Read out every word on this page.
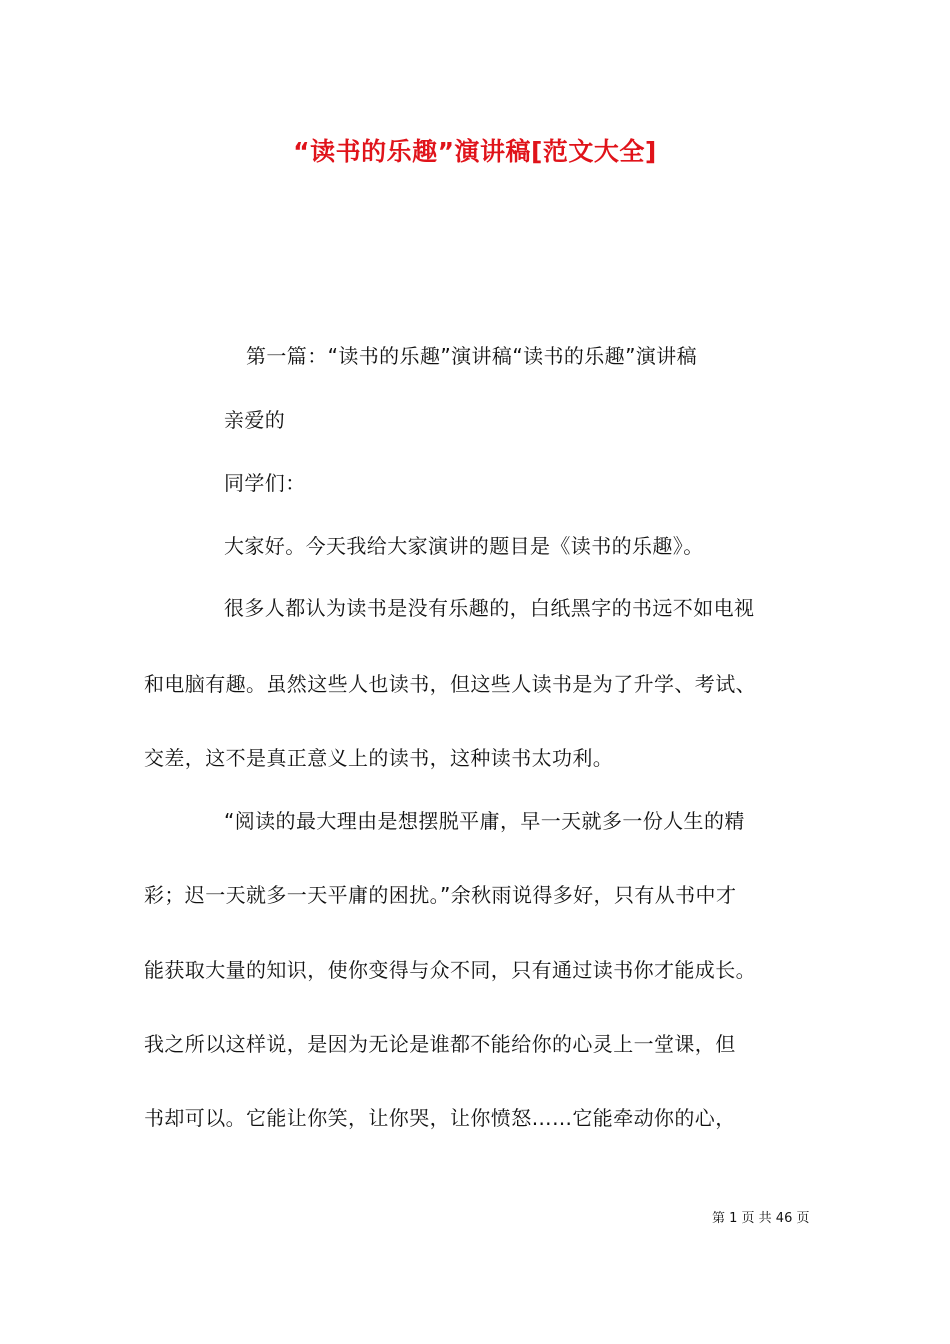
“读书的乐趣”演讲稿[范文大全]
第一篇：“读书的乐趣”演讲稿“读书的乐趣”演讲稿
亲爱的
同学们：
大家好。今天我给大家演讲的题目是《读书的乐趣》。
很多人都认为读书是没有乐趣的，白纸黑字的书远不如电视
和电脑有趣。虽然这些人也读书，但这些人读书是为了升学、考试、
交差，这不是真正意义上的读书，这种读书太功利。
“阅读的最大理由是想摆脱平庸，早一天就多一份人生的精
彩；迟一天就多一天平庸的困扰。”余秋雨说得多好，只有从书中才
能获取大量的知识，使你变得与众不同，只有通过读书你才能成长。
我之所以这样说，是因为无论是谁都不能给你的心灵上一堂课，但
书却可以。它能让你笑，让你哭，让你愤怒……它能牵动你的心，
第 1 页 共 46 页
